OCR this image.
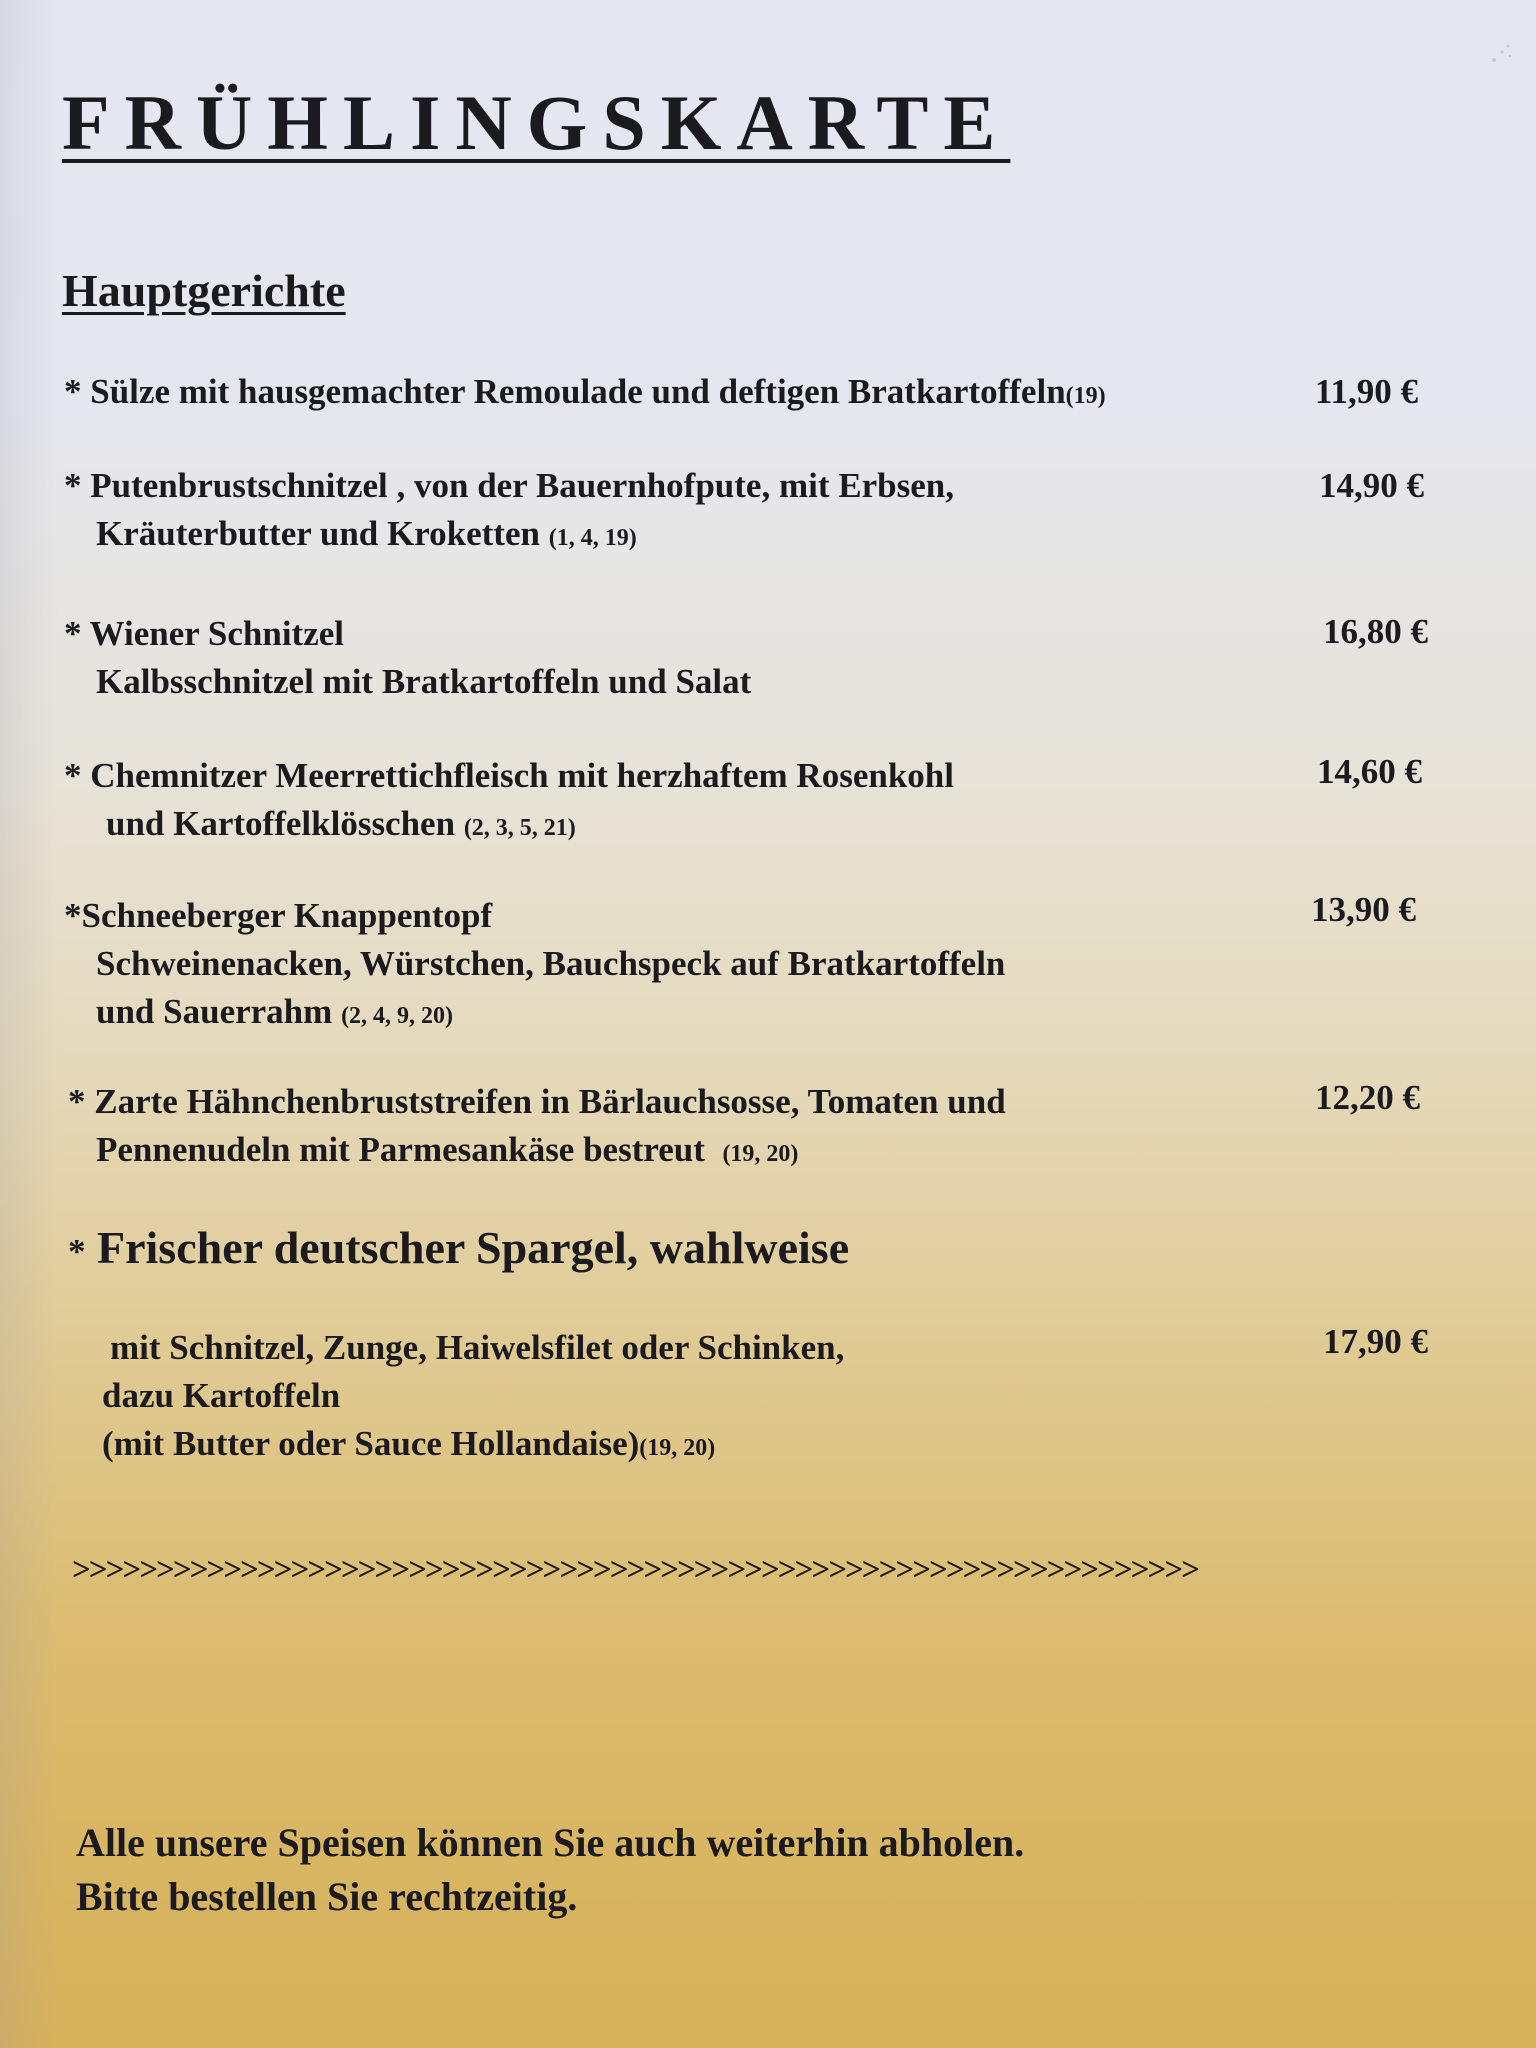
FRÜHLINGSKARTE
Hauptgerichte
* Sülze mit hausgemachter Remoulade und deftigen Bratkartoffeln(19)	11,90 €
* Putenbrustschnitzel , von der Bauernhofpute, mit Erbsen,
Kräuterbutter und Kroketten (1, 4, 19)
14,90 €
* Wiener Schnitzel
Kalbsschnitzel mit Bratkartoffeln und Salat
16,80 €
* Chemnitzer Meerrettichfleisch mit herzhaftem Rosenkohl
und Kartoffelklösschen (2, 3, 5, 21)
14,60 €
*Schneeberger Knappentopf
Schweinenacken, Würstchen, Bauchspeck auf Bratkartoffeln
und Sauerrahm (2, 4, 9, 20)
13,90 €
* Zarte Hähnchenbruststreifen in Bärlauchsosse, Tomaten und
Pennenudeln mit Parmesankäse bestreut (19, 20)
12,20 €
* Frischer deutscher Spargel, wahlweise
mit Schnitzel, Zunge, Haiwelsfilet oder Schinken,
dazu Kartoffeln
(mit Butter oder Sauce Hollandaise)(19, 20)
17,90 €
>>>>>>>>>>>>>>>>>>>>>>>>>>>>>>>>>>>>>>>>>>>>>>>>>>>>>>>>>>>>>>>>>>>
Alle unsere Speisen können Sie auch weiterhin abholen.
Bitte bestellen Sie rechtzeitig.
